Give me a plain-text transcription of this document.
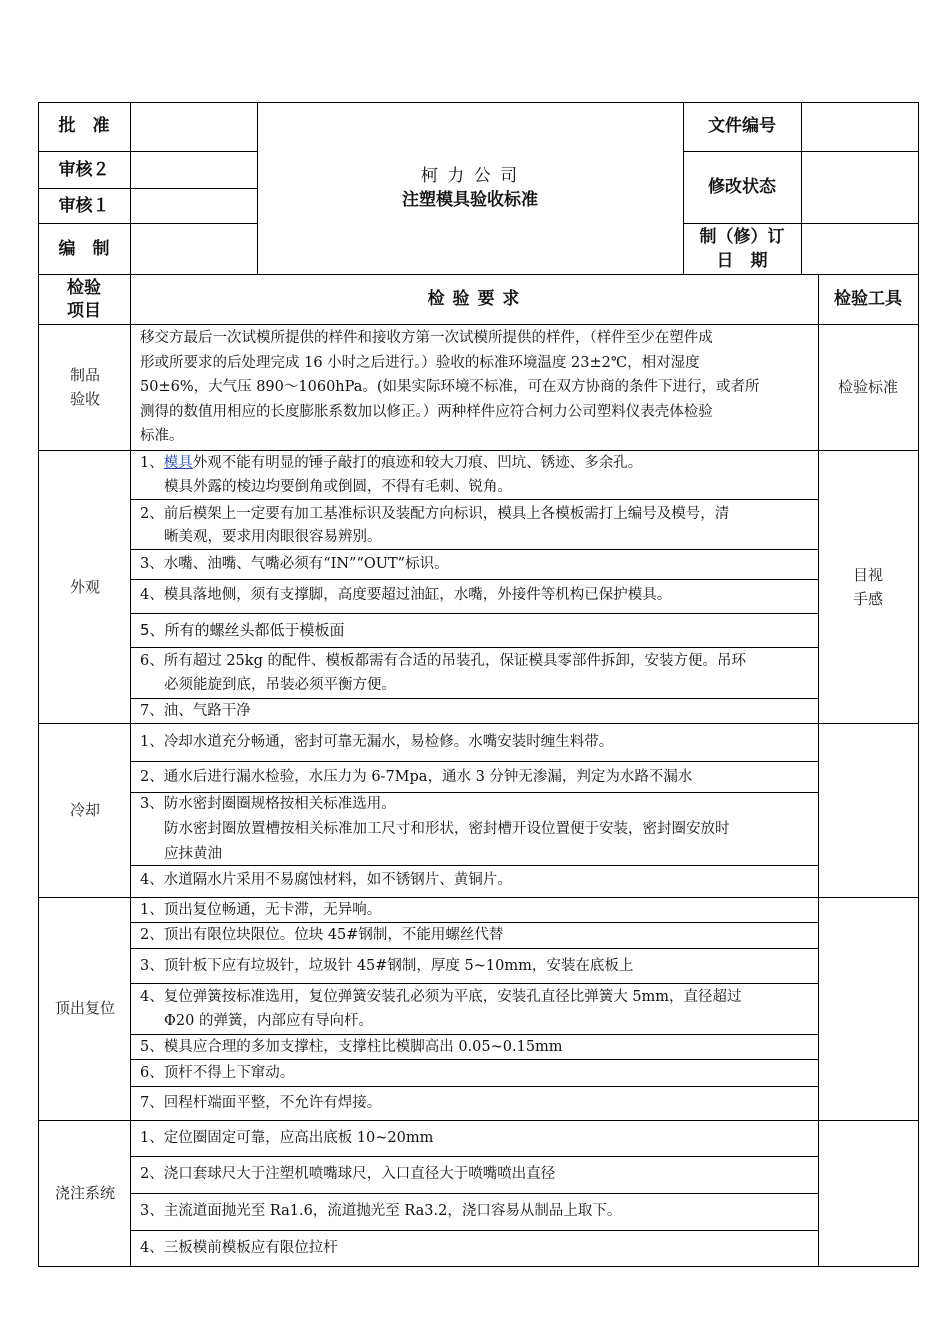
批　准
审核２
审核１
编　制
柯 力 公 司
注塑模具验收标准
文件编号
修改状态
制（修）订
日　期
检验
项目
检 验 要 求	检验工具
制品
验收
检验标准
移交方最后一次试模所提供的样件和接收方第一次试模所提供的样件，（样件至少在塑件成
形或所要求的后处理完成 16 小时之后进行。）验收的标准环境温度 23±2℃，相对湿度
50±6%，大气压 890～1060hPa。(如果实际环境不标准，可在双方协商的条件下进行，或者所
测得的数值用相应的长度膨胀系数加以修正。）两种样件应符合柯力公司塑料仪表壳体检验
标准。
外观
目视
手感
1、模具外观不能有明显的锤子敲打的痕迹和较大刀痕、凹坑、锈迹、多余孔。
模具外露的棱边均要倒角或倒圆，不得有毛刺、锐角。
2、前后模架上一定要有加工基准标识及装配方向标识，模具上各模板需打上编号及模号，清
晰美观，要求用肉眼很容易辨别。
3、水嘴、油嘴、气嘴必须有“IN”“OUT”标识。
4、模具落地侧，须有支撑脚，高度要超过油缸，水嘴，外接件等机构已保护模具。
5、所有的螺丝头都低于模板面
6、所有超过 25kg 的配件、模板都需有合适的吊装孔，保证模具零部件拆卸，安装方便。吊环
必须能旋到底，吊装必须平衡方便。
7、油、气路干净
冷却
1、冷却水道充分畅通，密封可靠无漏水，易检修。水嘴安装时缠生料带。
2、通水后进行漏水检验，水压力为 6-7Mpa，通水 3 分钟无渗漏，判定为水路不漏水
3、防水密封圈圈规格按相关标准选用。
防水密封圈放置槽按相关标准加工尺寸和形状，密封槽开设位置便于安装，密封圈安放时
应抹黄油
4、水道隔水片采用不易腐蚀材料，如不锈钢片、黄铜片。
顶出复位
1、顶出复位畅通，无卡滞，无异响。
2、顶出有限位块限位。位块 45#钢制，不能用螺丝代替
3、顶针板下应有垃圾针，垃圾针 45#钢制，厚度 5~10mm，安装在底板上
4、复位弹簧按标准选用，复位弹簧安装孔必须为平底，安装孔直径比弹簧大 5mm，直径超过
Φ20 的弹簧，内部应有导向杆。
5、模具应合理的多加支撑柱，支撑柱比模脚高出 0.05~0.15mm
6、顶杆不得上下窜动。
7、回程杆端面平整，不允许有焊接。
浇注系统
1、定位圈固定可靠，应高出底板 10~20mm
2、浇口套球尺大于注塑机喷嘴球尺，入口直径大于喷嘴喷出直径
3、主流道面抛光至 Ra1.6，流道抛光至 Ra3.2，浇口容易从制品上取下。
4、三板模前模板应有限位拉杆
